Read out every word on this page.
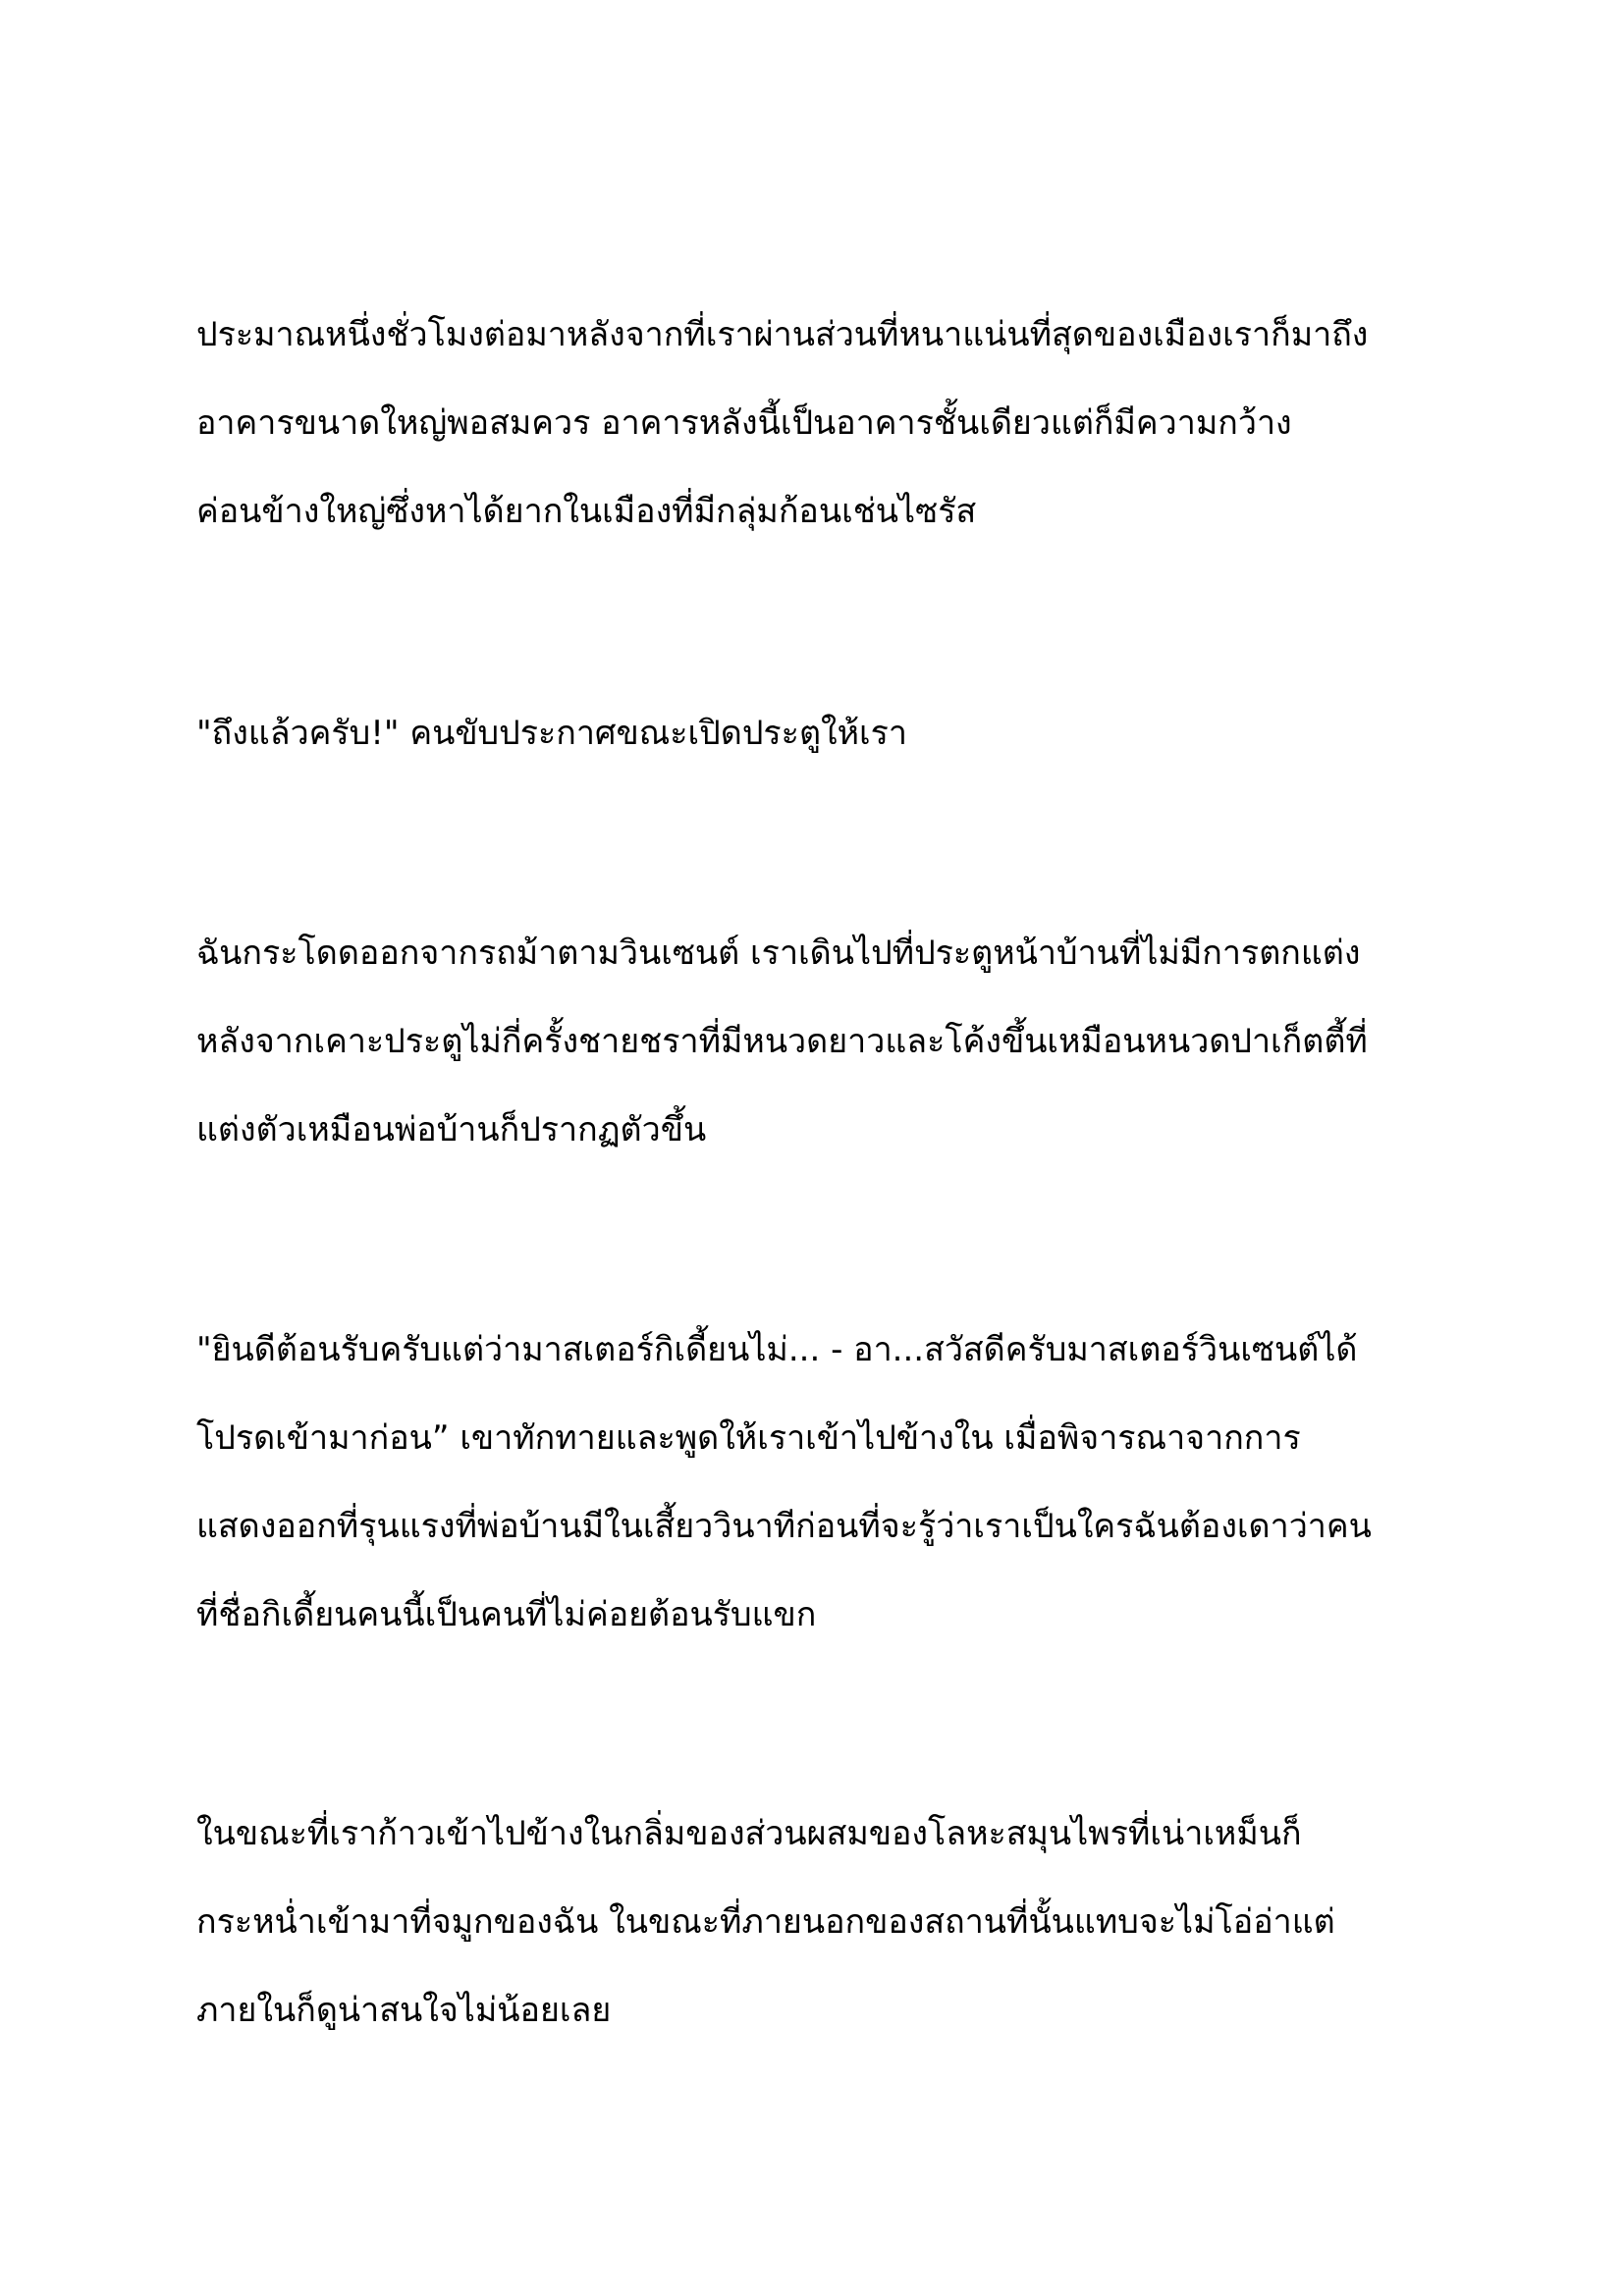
ประมาณหนึ่งชั่วโมงต่อมาหลังจากที่เราผ่านส่วนที่หนาแน่นที่สุดของเมืองเราก็มาถึง
อาคารขนาดใหญ่พอสมควร อาคารหลังนี้เป็นอาคารชั้นเดียวแต่ก็มีความกว้าง
ค่อนข้างใหญ่ซึ่งหาได้ยากในเมืองที่มีกลุ่มก้อนเช่นไซรัส
"ถึงแล้วครับ!" คนขับประกาศขณะเปิดประตูให้เรา
ฉันกระโดดออกจากรถม้าตามวินเซนต์ เราเดินไปที่ประตูหน้าบ้านที่ไม่มีการตกแต่ง
หลังจากเคาะประตูไม่กี่ครั้งชายชราที่มีหนวดยาวและโค้งขึ้นเหมือนหนวดปาเก็ตตี้ที่
แต่งตัวเหมือนพ่อบ้านก็ปรากฏตัวขึ้น
"ยินดีต้อนรับครับแต่ว่ามาสเตอร์กิเดี้ยนไม่... - อา...สวัสดีครับมาสเตอร์วินเซนต์ได้
โปรดเข้ามาก่อน” เขาทักทายและพูดให้เราเข้าไปข้างใน เมื่อพิจารณาจากการ
แสดงออกที่รุนแรงที่พ่อบ้านมีในเสี้ยววินาทีก่อนที่จะรู้ว่าเราเป็นใครฉันต้องเดาว่าคน
ที่ชื่อกิเดี้ยนคนนี้เป็นคนที่ไม่ค่อยต้อนรับแขก
ในขณะที่เราก้าวเข้าไปข้างในกลิ่มของส่วนผสมของโลหะสมุนไพรที่เน่าเหม็นก็
กระหน่ำเข้ามาที่จมูกของฉัน ในขณะที่ภายนอกของสถานที่นั้นแทบจะไม่โอ่อ่าแต่
ภายในก็ดูน่าสนใจไม่น้อยเลย
